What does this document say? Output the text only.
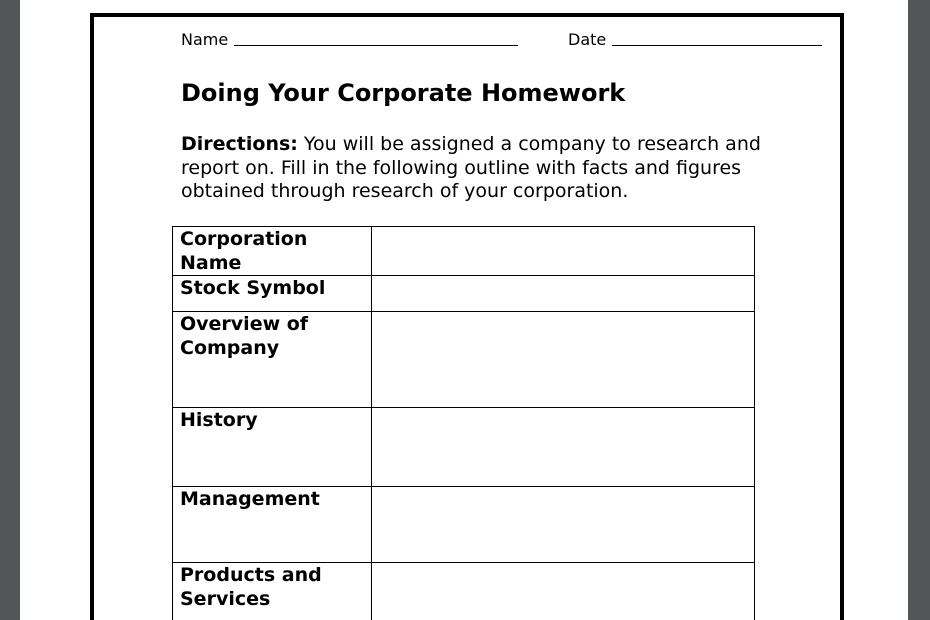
Name	Date
Doing Your Corporate Homework

Directions: You will be assigned a company to research and report on. Fill in the following outline with facts and figures obtained through research of your corporation.

Corporation Name	
Stock Symbol	
Overview of Company	
History	
Management	
Products and Services	
